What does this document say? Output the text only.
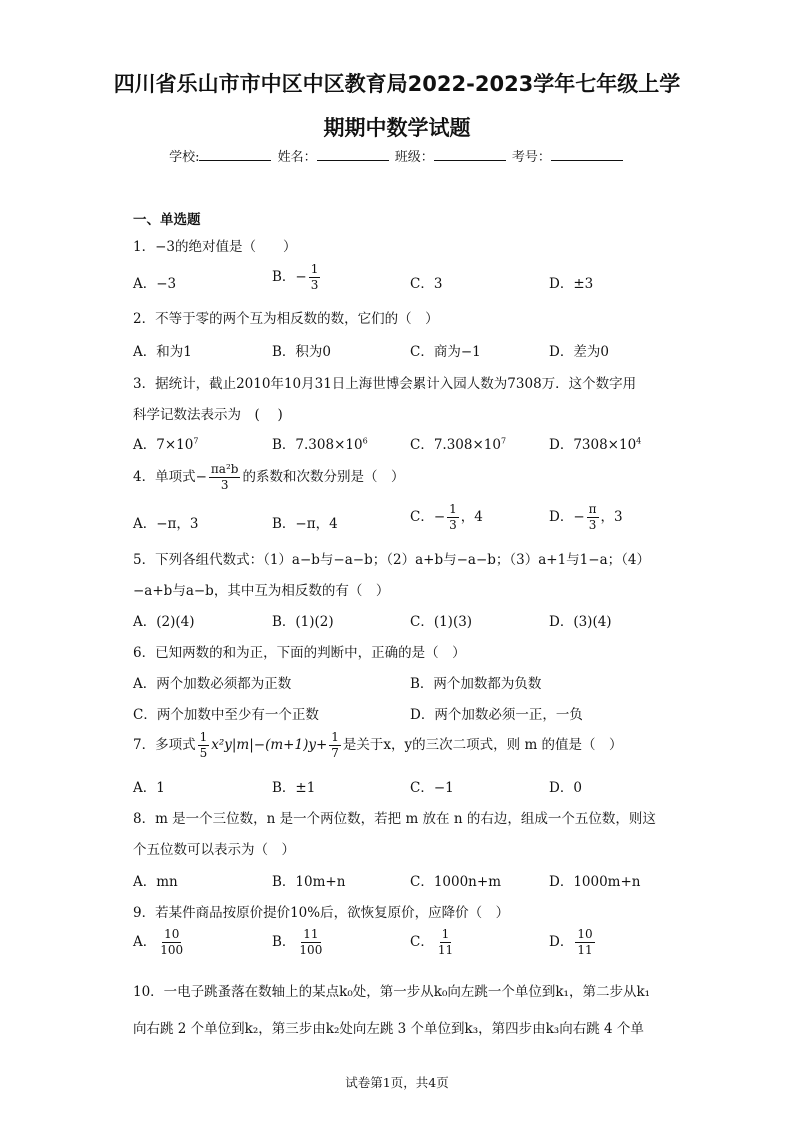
四川省乐山市市中区中区教育局2022-2023学年七年级上学
期期中数学试题
学校:	姓名：	班级：	考号：
一、单选题
1．−3的绝对值是（　　）
A．−3	B．− $\frac{1}{3}$	C．3	D．±3
2．不等于零的两个互为相反数的数，它们的（　）
A．和为1	B．积为0	C．商为−1	D．差为0
3．据统计，截止2010年10月31日上海世博会累计入园人数为7308万．这个数字用
科学记数法表示为　(　 )
A．$7\times 10^7$	B．$7.308\times 10^6$	C．$7.308\times 10^7$	D．$7308\times 10^4$
4．单项式− $\frac{\text{πa²b}}{3}$ 的系数和次数分别是（　）
A．−π，3	B．−π，4	C．− $\frac{1}{3}$ ，4	D．− $\frac{\pi}{3}$ ，3
5．下列各组代数式：（1）a−b与−a−b；（2）a+b与−a−b；（3）a+1与1−a；（4）
−a+b与a−b，其中互为相反数的有（　）
A．(2)(4)	B．(1)(2)	C．(1)(3)	D．(3)(4)
6．已知两数的和为正，下面的判断中，正确的是（　）
A．两个加数必须都为正数	B．两个加数都为负数
C．两个加数中至少有一个正数	D．两个加数必须一正，一负
7．多项式 $\frac{1}{5} x^2y|m|-(m+1)y+ \frac{1}{7}$ 是关于x，y的三次二项式，则 m 的值是（　）
A．1	B．±1	C．−1	D．0
8．m 是一个三位数，n 是一个两位数，若把 m 放在 n 的右边，组成一个五位数，则这
个五位数可以表示为（　）
A．mn	B．10m+n	C．1000n+m	D．1000m+n
9．若某件商品按原价提价10%后，欲恢复原价，应降价（　）
A． $\frac{10}{100}$	B． $\frac{11}{100}$	C． $\frac{1}{11}$	D． $\frac{10}{11}$
10．一电子跳蚤落在数轴上的某点k₀处，第一步从k₀向左跳一个单位到k₁，第二步从k₁
向右跳 2 个单位到k₂，第三步由k₂处向左跳 3 个单位到k₃，第四步由k₃向右跳 4 个单
试卷第1页，共4页
